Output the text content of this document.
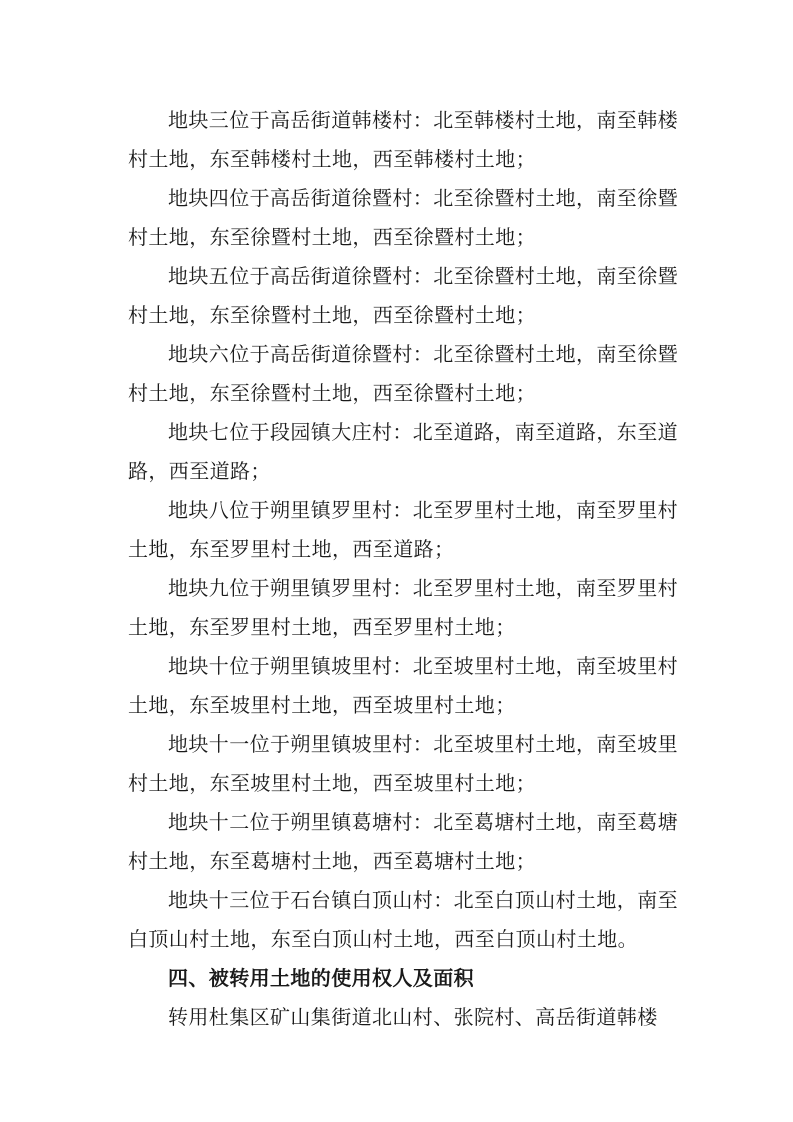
地块三位于高岳街道韩楼村：北至韩楼村土地，南至韩楼村土地，东至韩楼村土地，西至韩楼村土地；

地块四位于高岳街道徐暨村：北至徐暨村土地，南至徐暨村土地，东至徐暨村土地，西至徐暨村土地；

地块五位于高岳街道徐暨村：北至徐暨村土地，南至徐暨村土地，东至徐暨村土地，西至徐暨村土地；

地块六位于高岳街道徐暨村：北至徐暨村土地，南至徐暨村土地，东至徐暨村土地，西至徐暨村土地；

地块七位于段园镇大庄村：北至道路，南至道路，东至道路，西至道路；

地块八位于朔里镇罗里村：北至罗里村土地，南至罗里村土地，东至罗里村土地，西至道路；

地块九位于朔里镇罗里村：北至罗里村土地，南至罗里村土地，东至罗里村土地，西至罗里村土地；

地块十位于朔里镇坡里村：北至坡里村土地，南至坡里村土地，东至坡里村土地，西至坡里村土地；

地块十一位于朔里镇坡里村：北至坡里村土地，南至坡里村土地，东至坡里村土地，西至坡里村土地；

地块十二位于朔里镇葛塘村：北至葛塘村土地，南至葛塘村土地，东至葛塘村土地，西至葛塘村土地；

地块十三位于石台镇白顶山村：北至白顶山村土地，南至白顶山村土地，东至白顶山村土地，西至白顶山村土地。

四、被转用土地的使用权人及面积

转用杜集区矿山集街道北山村、张院村、高岳街道韩楼
